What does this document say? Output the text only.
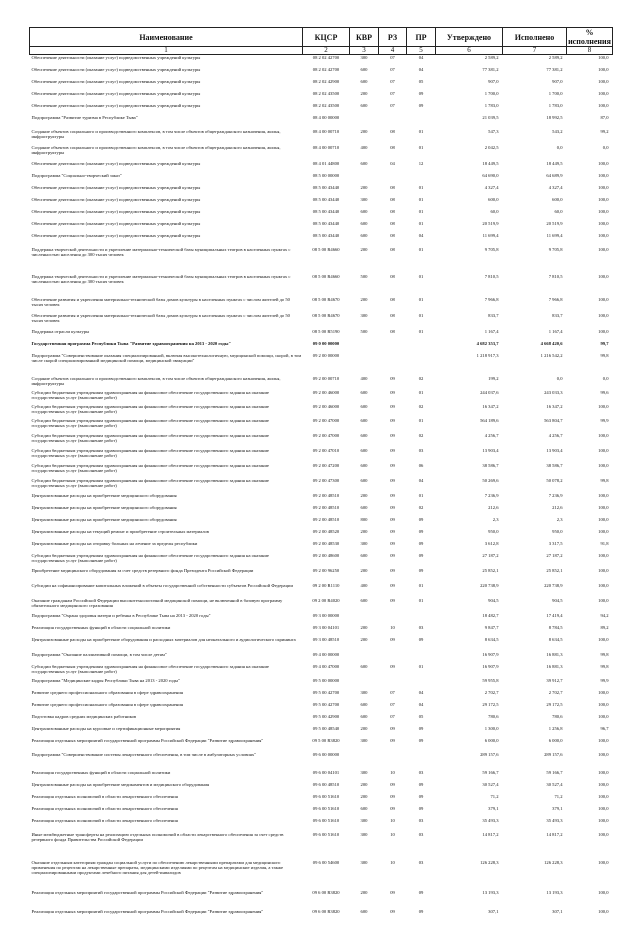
Наименование	КЦСР	КВР	РЗ	ПР	Утверждено	Исполнено	% исполнения
1	2	3	4	5	6	7	8
Обеспечение деятельности (оказание услуг) подведомственных учреждений культуры	08 2 02 42700	300	07	04	2 589,2	2 589,2	100,0
Обеспечение деятельности (оказание услуг) подведомственных учреждений культуры	08 2 02 42700	600	07	04	77 381,2	77 381,2	100,0
Обеспечение деятельности (оказание услуг) подведомственных учреждений культуры	08 2 02 42900	600	07	05	907,0	907,0	100,0
Обеспечение деятельности (оказание услуг) подведомственных учреждений культуры	08 2 02 43500	200	07	09	1 700,0	1 700,0	100,0
Обеспечение деятельности (оказание услуг) подведомственных учреждений культуры	08 2 02 43500	600	07	09	1 783,0	1 783,0	100,0
Подпрограмма "Развитие туризма в Республике Тыва"	08 4 00 00000				21 039,5	18 992,5	87,0
Создание объектов социального и производственного комплексов, в том числе объектов общегражданского назначения, жилья, инфраструктуры	08 4 00 00710	200	08	01	547,3	543,2	99,2
Создание объектов социального и производственного комплексов, в том числе объектов общегражданского назначения, жилья, инфраструктуры	08 4 00 00710	400	08	01	2 042,5	0,0	0,0
Обеспечение деятельности (оказание услуг) подведомственных учреждений культуры	08 4 01 44800	600	04	12	18 449,5	18 449,5	100,0
Подпрограмма "Социально-творческий заказ"	08 5 00 00000				64 690,0	64 689,9	100,0
Обеспечение деятельности (оказание услуг) подведомственных учреждений культуры	08 5 00 43440	200	08	01	4 327,4	4 327,4	100,0
Обеспечение деятельности (оказание услуг) подведомственных учреждений культуры	08 5 00 43440	300	08	01	600,0	600,0	100,0
Обеспечение деятельности (оказание услуг) подведомственных учреждений культуры	08 5 00 43440	600	08	01	60,0	60,0	100,0
Обеспечение деятельности (оказание услуг) подведомственных учреждений культуры	08 5 00 43440	600	08	01	20 519,9	20 519,9	100,0
Обеспечение деятельности (оказание услуг) подведомственных учреждений культуры	08 5 00 43440	600	08	04	11 699,4	11 699,4	100,0
Поддержка творческой деятельности и укрепление материально-технической базы муниципальных театров в населенных пунктах с численностью населения до 300 тысяч человек	08 5 00 R4660	200	08	01	9 705,8	9 705,8	100,0
Поддержка творческой деятельности и укрепление материально-технической базы муниципальных театров в населенных пунктах с численностью населения до 300 тысяч человек	08 5 00 R4660	500	08	01	7 810,5	7 810,5	100,0
Обеспечение развития и укрепления материально-технической базы домов культуры в населенных пунктах с числом жителей до 50 тысяч человек	08 5 00 R4670	200	08	01	7 966,8	7 966,8	100,0
Обеспечение развития и укрепления материально-технической базы домов культуры в населенных пунктах с числом жителей до 50 тысяч человек	08 5 00 R4670	300	08	01	833,7	833,7	100,0
Поддержка отрасли культуры	08 5 00 R5190	500	08	01	1 167,4	1 167,4	100,0
Государственная программа Республики Тыва "Развитие здравоохранения на 2013 - 2020 годы"	09 0 00 00000				4 682 353,7	4 668 420,6	99,7
Подпрограмма "Совершенствование оказания специализированной, включая высокотехнологичную, медицинской помощи, скорой, в том числе скорой специализированной медицинской помощи, медицинской эвакуации"	09 2 00 00000				1 218 917,3	1 216 542,2	99,8
Создание объектов социального и производственного комплексов, в том числе объектов общегражданского назначения, жилья, инфраструктуры	09 2 00 00710	400	09	02	199,2	0,0	0,0
Субсидии бюджетным учреждениям здравоохранения на финансовое обеспечение государственного задания на оказание государственных услуг (выполнение работ)	09 2 00 46000	600	09	01	244 037,6	243 033,3	99,6
Субсидии бюджетным учреждениям здравоохранения на финансовое обеспечение государственного задания на оказание государственных услуг (выполнение работ)	09 2 00 46000	600	09	02	16 347,2	16 347,2	100,0
Субсидии бюджетным учреждениям здравоохранения на финансовое обеспечение государственного задания на оказание государственных услуг (выполнение работ)	09 2 00 47000	600	09	01	564 189,6	563 804,7	99,9
Субсидии бюджетным учреждениям здравоохранения на финансовое обеспечение государственного задания на оказание государственных услуг (выполнение работ)	09 2 00 47000	600	09	02	4 256,7	4 256,7	100,0
Субсидии бюджетным учреждениям здравоохранения на финансовое обеспечение государственного задания на оказание государственных услуг (выполнение работ)	09 2 00 47010	600	09	03	13 903,4	13 903,4	100,0
Субсидии бюджетным учреждениям здравоохранения на финансовое обеспечение государственного задания на оказание государственных услуг (выполнение работ)	09 2 00 47200	600	09	06	38 586,7	38 586,7	100,0
Субсидии бюджетным учреждениям здравоохранения на финансовое обеспечение государственного задания на оказание государственных услуг (выполнение работ)	09 2 00 47300	600	09	04	50 269,6	50 078,2	99,8
Централизованные расходы на приобретение медицинского оборудования	09 2 00 48510	200	09	01	7 236,9	7 236,9	100,0
Централизованные расходы на приобретение медицинского оборудования	09 2 00 48510	600	09	02	212,6	212,6	100,0
Централизованные расходы на приобретение медицинского оборудования	09 2 00 48510	800	09	09	2,3	2,3	100,0
Централизованные расходы на текущий ремонт и приобретение строительных материалов	09 2 00 48520	200	09	09	950,0	950,0	100,0
Централизованные расходы на отправку больных на лечение за пределы республики	09 2 00 48530	300	09	09	3 612,8	3 317,5	91,8
Субсидии бюджетным учреждениям здравоохранения на финансовое обеспечение государственного задания на оказание государственных услуг (выполнение работ)	09 2 00 48600	600	09	09	27 187,2	27 187,2	100,0
Приобретение медицинского оборудования за счет средств резервного фонда Президента Российской Федерации	09 2 00 96250	200	09	09	25 852,1	25 852,1	100,0
Субсидии на софинансирование капитальных вложений в объекты государственной собственности субъектов Российской Федерации	09 2 00 R1110	400	09	01	220 738,9	220 738,9	100,0
Оказание гражданам Российской Федерации высокотехнологичной медицинской помощи, не включенной в базовую программу обязательного медицинского страхования	09 2 00 R4020	600	09	01	904,5	904,5	100,0
Подпрограмма "Охрана здоровья матери и ребенка в Республике Тыва на 2013 - 2020 годы"	09 3 00 00000				18 482,7	17 419,4	94,2
Реализация государственных функций в области социальной политики	09 3 00 04101	200	10	03	9 847,7	8 784,5	89,2
Централизованные расходы на приобретение оборудования и расходных материалов для неонатального и аудиологического скрининга	09 3 00 48510	200	09	09	8 634,5	8 634,5	100,0
Подпрограмма "Оказание паллиативной помощи, в том числе детям"	09 4 00 00000				16 907,9	16 881,3	99,8
Субсидии бюджетным учреждениям здравоохранения на финансовое обеспечение государственного задания на оказание государственных услуг (выполнение работ)	09 4 00 47000	600	09	01	16 907,9	16 881,3	99,8
Подпрограмма "Медицинские кадры Республики Тыва на 2013 - 2020 годы"	09 5 00 00000				59 955,8	39 912,7	99,9
Развитие среднего профессионального образования в сфере здравоохранения	09 5 00 42700	300	07	04	2 702,7	2 702,7	100,0
Развитие среднего профессионального образования в сфере здравоохранения	09 5 00 42700	600	07	04	29 172,5	29 172,5	100,0
Подготовка кадров средних медицинских работников	09 5 00 42900	600	07	05	780,6	780,6	100,0
Централизованные расходы на курсовые и сертификационные мероприятия	09 5 00 48540	200	09	09	1 300,0	1 256,8	96,7
Реализация отдельных мероприятий государственной программы Российской Федерации "Развитие здравоохранения"	09 5 00 R3820	300	09	09	6 000,0	6 000,0	100,0
Подпрограмма "Совершенствование системы лекарственного обеспечения, в том числе в амбулаторных условиях"	09 6 00 00000				289 157,6	289 157,6	100,0
Реализация государственных функций в области социальной политики	09 6 00 04101	300	10	03	59 166,7	59 166,7	100,0
Централизованные расходы на приобретение медикаментов и медицинского оборудования	09 6 00 48510	200	09	09	30 527,4	30 527,4	100,0
Реализация отдельных полномочий в области лекарственного обеспечения	09 6 00 51610	200	09	09	71,2	71,2	100,0
Реализация отдельных полномочий в области лекарственного обеспечения	09 6 00 51610	600	09	09	379,1	379,1	100,0
Реализация отдельных полномочий в области лекарственного обеспечения	09 6 00 51610	300	10	03	35 493,3	35 493,3	100,0
Иные межбюджетные трансферты на реализацию отдельных полномочий в области лекарственного обеспечения за счет средств резервного фонда Правительства Российской Федерации	09 6 00 51610	300	10	03	14 817,2	14 817,2	100,0
Оказание отдельным категориям граждан социальной услуги по обеспечению лекарственными препаратами для медицинского применения по рецептам на лекарственные препараты, медицинскими изделиями по рецептам на медицинские изделия, а также специализированными продуктами лечебного питания для детей-инвалидов	09 6 00 54600	300	10	03	126 228,3	126 228,3	100,0
Реализация отдельных мероприятий государственной программы Российской Федерации "Развитие здравоохранения"	09 6 00 R3820	200	09	09	13 193,3	13 193,3	100,0
Реализация отдельных мероприятий государственной программы Российской Федерации "Развитие здравоохранения"	09 6 00 R3820	600	09	09	307,1	307,1	100,0
